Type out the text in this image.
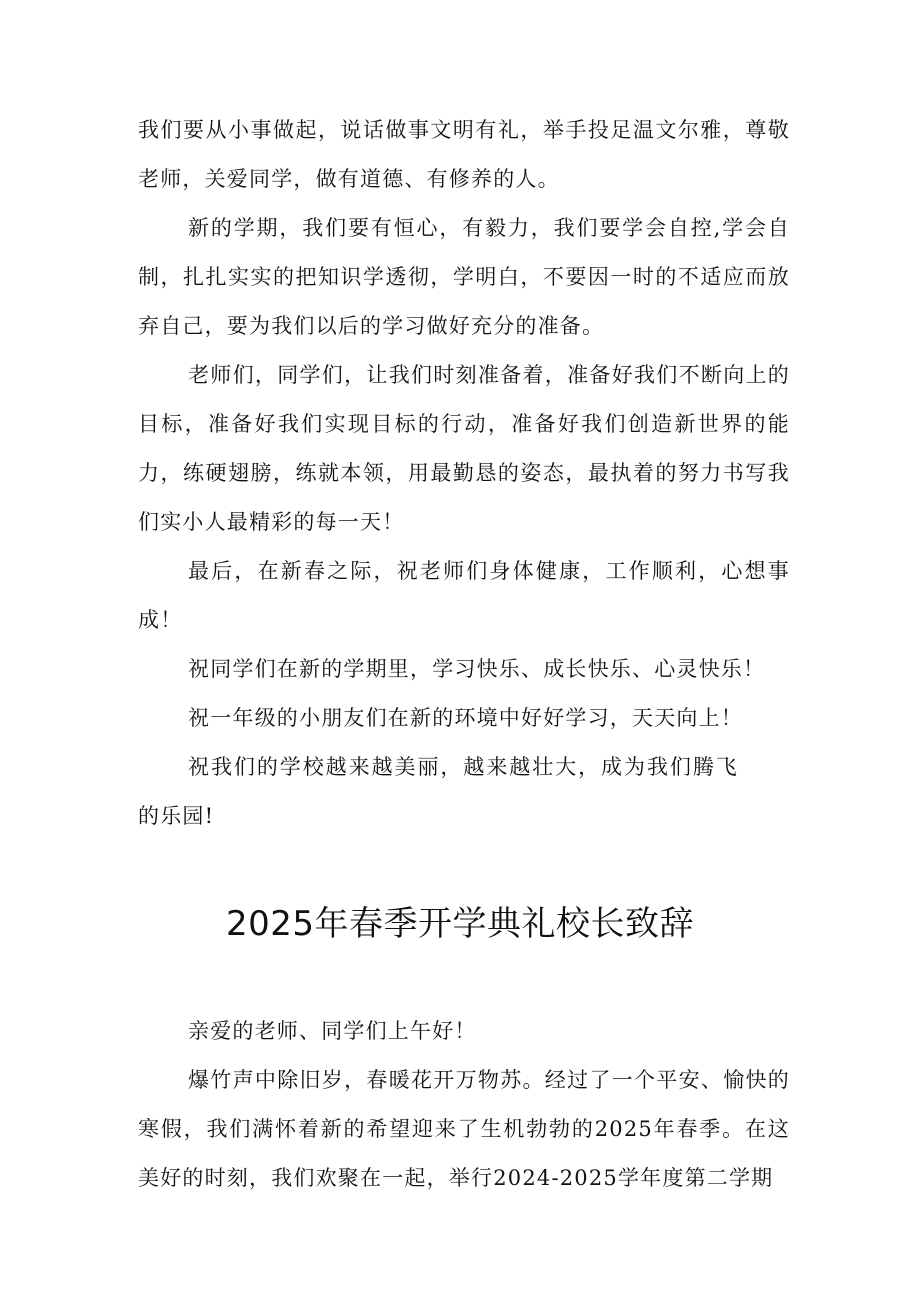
我们要从小事做起，说话做事文明有礼，举手投足温文尔雅，尊敬老师，关爱同学，做有道德、有修养的人。

新的学期，我们要有恒心，有毅力，我们要学会自控,学会自制，扎扎实实的把知识学透彻，学明白，不要因一时的不适应而放弃自己，要为我们以后的学习做好充分的准备。

老师们，同学们，让我们时刻准备着，准备好我们不断向上的目标，准备好我们实现目标的行动，准备好我们创造新世界的能力，练硬翅膀，练就本领，用最勤恳的姿态，最执着的努力书写我们实小人最精彩的每一天！

最后，在新春之际，祝老师们身体健康，工作顺利，心想事成！

祝同学们在新的学期里，学习快乐、成长快乐、心灵快乐！

祝一年级的小朋友们在新的环境中好好学习，天天向上！

祝我们的学校越来越美丽，越来越壮大，成为我们腾飞的乐园!

2025年春季开学典礼校长致辞

亲爱的老师、同学们上午好！

爆竹声中除旧岁，春暖花开万物苏。经过了一个平安、愉快的寒假，我们满怀着新的希望迎来了生机勃勃的2025年春季。在这美好的时刻，我们欢聚在一起，举行2024-2025学年度第二学期
